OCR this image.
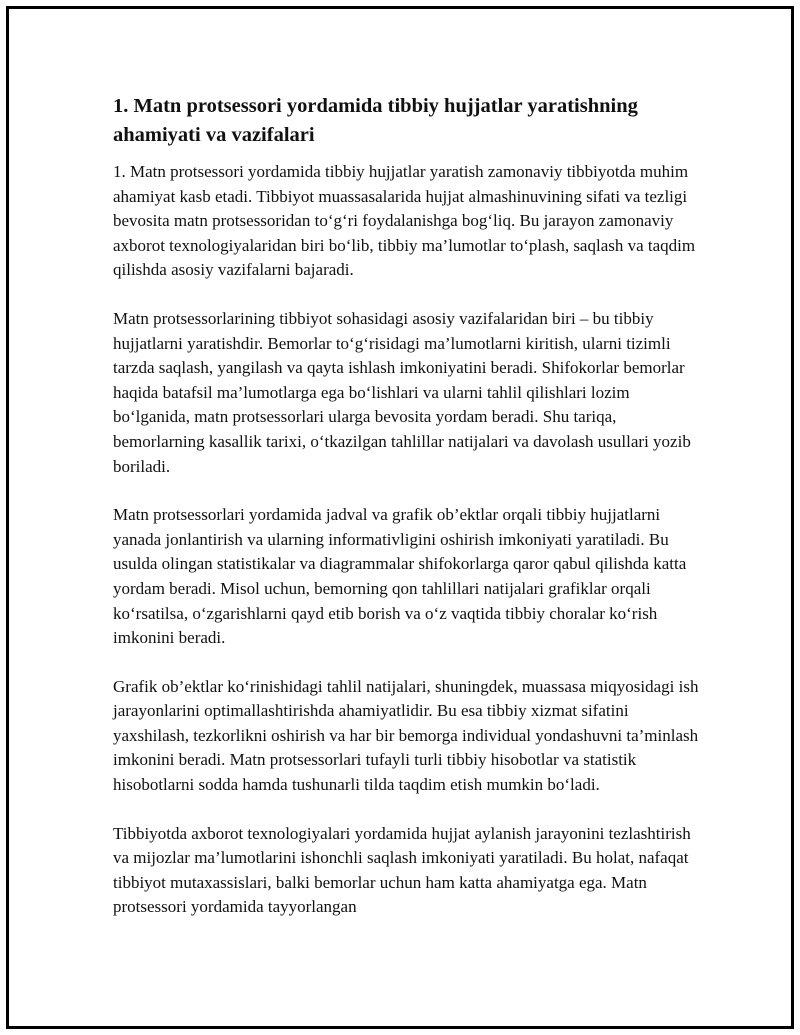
1. Matn protsessori yordamida tibbiy hujjatlar yaratishning ahamiyati va vazifalari

1. Matn protsessori yordamida tibbiy hujjatlar yaratish zamonaviy tibbiyotda muhim ahamiyat kasb etadi. Tibbiyot muassasalarida hujjat almashinuvining sifati va tezligi bevosita matn protsessoridan to‘g‘ri foydalanishga bog‘liq. Bu jarayon zamonaviy axborot texnologiyalaridan biri bo‘lib, tibbiy ma’lumotlar to‘plash, saqlash va taqdim qilishda asosiy vazifalarni bajaradi.

Matn protsessorlarining tibbiyot sohasidagi asosiy vazifalaridan biri – bu tibbiy hujjatlarni yaratishdir. Bemorlar to‘g‘risidagi ma’lumotlarni kiritish, ularni tizimli tarzda saqlash, yangilash va qayta ishlash imkoniyatini beradi. Shifokorlar bemorlar haqida batafsil ma’lumotlarga ega bo‘lishlari va ularni tahlil qilishlari lozim bo‘lganida, matn protsessorlari ularga bevosita yordam beradi. Shu tariqa, bemorlarning kasallik tarixi, o‘tkazilgan tahlillar natijalari va davolash usullari yozib boriladi.

Matn protsessorlari yordamida jadval va grafik ob’ektlar orqali tibbiy hujjatlarni yanada jonlantirish va ularning informativligini oshirish imkoniyati yaratiladi. Bu usulda olingan statistikalar va diagrammalar shifokorlarga qaror qabul qilishda katta yordam beradi. Misol uchun, bemorning qon tahlillari natijalari grafiklar orqali ko‘rsatilsa, o‘zgarishlarni qayd etib borish va o‘z vaqtida tibbiy choralar ko‘rish imkonini beradi.

Grafik ob’ektlar ko‘rinishidagi tahlil natijalari, shuningdek, muassasa miqyosidagi ish jarayonlarini optimallashtirishda ahamiyatlidir. Bu esa tibbiy xizmat sifatini yaxshilash, tezkorlikni oshirish va har bir bemorga individual yondashuvni ta’minlash imkonini beradi. Matn protsessorlari tufayli turli tibbiy hisobotlar va statistik hisobotlarni sodda hamda tushunarli tilda taqdim etish mumkin bo‘ladi.

Tibbiyotda axborot texnologiyalari yordamida hujjat aylanish jarayonini tezlashtirish va mijozlar ma’lumotlarini ishonchli saqlash imkoniyati yaratiladi. Bu holat, nafaqat tibbiyot mutaxassislari, balki bemorlar uchun ham katta ahamiyatga ega. Matn protsessori yordamida tayyorlangan
